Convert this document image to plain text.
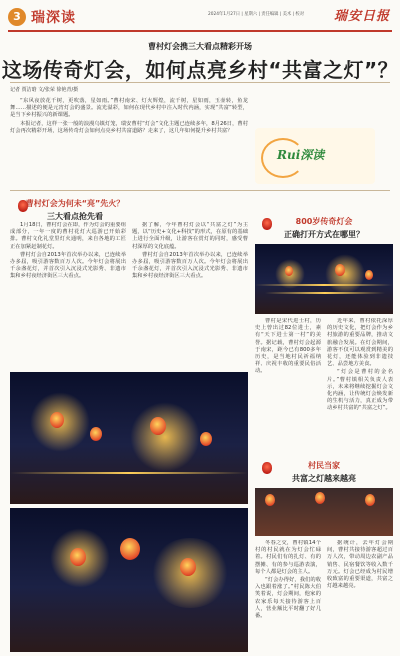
3 瑞深读	2024年1月27日 | 星期六 | 责任编辑 | 美术 | 校对 瑞安日报
曹村灯会携三大看点精彩开场
这场传奇灯会，如何点亮乡村“共富之灯”？
记者 贾洁晗 文/张荣 徐艳青/摄

“东风夜放花千树，更吹落，星如雨。”曹村南宋、灯火辉煌，流千树，星如雨，玉壶转，鱼龙舞……描述的便是元宵灯会的盛景。流光溢彩，如何在现代乡村中注入时代内涵，实现“共富”转型，是当下乡村振兴的新课题。

本报记者，这样一张一般的浪漫乌镇灯笼，瑞安曹村“灯会”文化主题已连续多年，8月26日，曹村灯会再次精彩开场，这场传奇灯会如何点亮乡村共富道路？走来了，这几年如何提升乡村共富？

Rui深读
曹村灯会为何未“亮”先火？
三大看点抢先看

1月18日，曹村灯会在即，作为灯会的重要组成部分，一年一度的曹村花灯大巡游已开始彩排。曹村文化礼堂里灯火通明，来自各地的工匠正在加紧赶制花灯。

曹村灯会自2013年首次举办以来，已连续举办多届，吸引游客数百万人次。今年灯会将展出千余盏花灯，并首次引入沉浸式光影秀、非遗市集和乡村夜经济街区三大看点。

据了解，今年曹村灯会以“共富之灯”为主题，以“历史+文化+科技”的形式，在原有的基础上进行全面升级，让游客在赏灯的同时，感受曹村深厚的文化底蕴。

曹村灯会自2013年首次举办以来，已连续举办多届，吸引游客数百万人次。今年灯会将展出千余盏花灯，并首次引入沉浸式光影秀、非遗市集和乡村夜经济街区三大看点。

800岁传奇灯会
正确打开方式在哪里？

曹村是宋代进士村，历史上曾出过82位进士，素有“天下进士第一村”的美誉。据记载，曹村灯会起源于南宋，距今已有800多年历史，是当地村民祈福纳祥、庆祝丰收的重要民俗活动。

近年来，曹村依托深厚的历史文化，把灯会作为乡村旅游的重要品牌，推动文旅融合发展。在灯会期间，游客不仅可以观赏到精美的花灯，还能体验到非遗技艺、品尝地方美食。

“灯会是曹村的金名片。”曹村镇相关负责人表示，未来将继续挖掘灯会文化内涵，让传统灯会焕发新的生机与活力，真正成为带动乡村共富的“共富之灯”。

村民当家
共富之灯越来越亮

冬春之交，曹村镇14个村的村民就在为灯会忙碌着。村民们有的扎灯、有的摆摊、有的参与巡游表演，每个人都是灯会的主人。

“灯会办得好，我们的收入也跟着涨了。”村民陈大伯笑着说，灯会期间，他家的农家乐每天接待游客上百人，营业额比平时翻了好几番。

据统计，去年灯会期间，曹村共接待游客超过百万人次，带动周边农副产品销售、民宿餐饮等收入数千万元。灯会已经成为村民增收致富的重要渠道，共富之灯越来越亮。
